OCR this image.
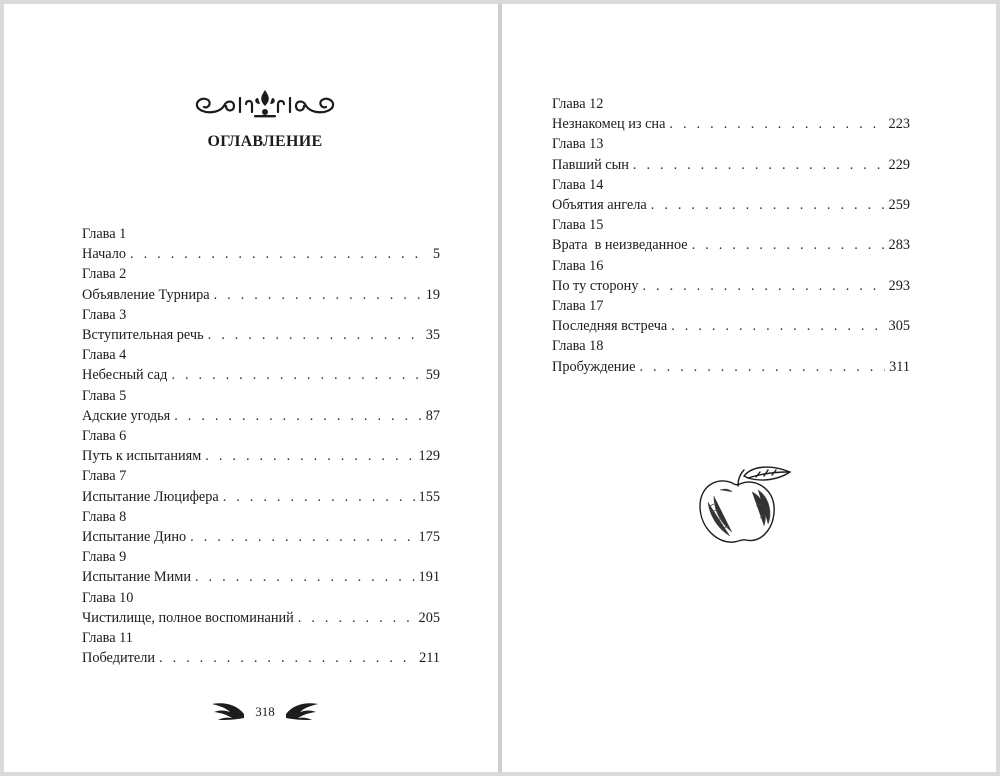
ОГЛАВЛЕНИЕ
Глава 1
Начало . . .	5
Глава 2
Объявление Турнира . . .	19
Глава 3
Вступительная речь . . .	35
Глава 4
Небесный сад . . .	59
Глава 5
Адские угодья . . .	87
Глава 6
Путь к испытаниям . . .	129
Глава 7
Испытание Люцифера . . .	155
Глава 8
Испытание Дино . . .	175
Глава 9
Испытание Мими . . .	191
Глава 10
Чистилище, полное воспоминаний . . .	205
Глава 11
Победители . . .	211
318
Глава 12
Незнакомец из сна . . .	223
Глава 13
Павший сын . . .	229
Глава 14
Объятия ангела . . .	259
Глава 15
Врата  в неизведанное . . .	283
Глава 16
По ту сторону . . .	293
Глава 17
Последняя встреча . . .	305
Глава 18
Пробуждение . . .	311
